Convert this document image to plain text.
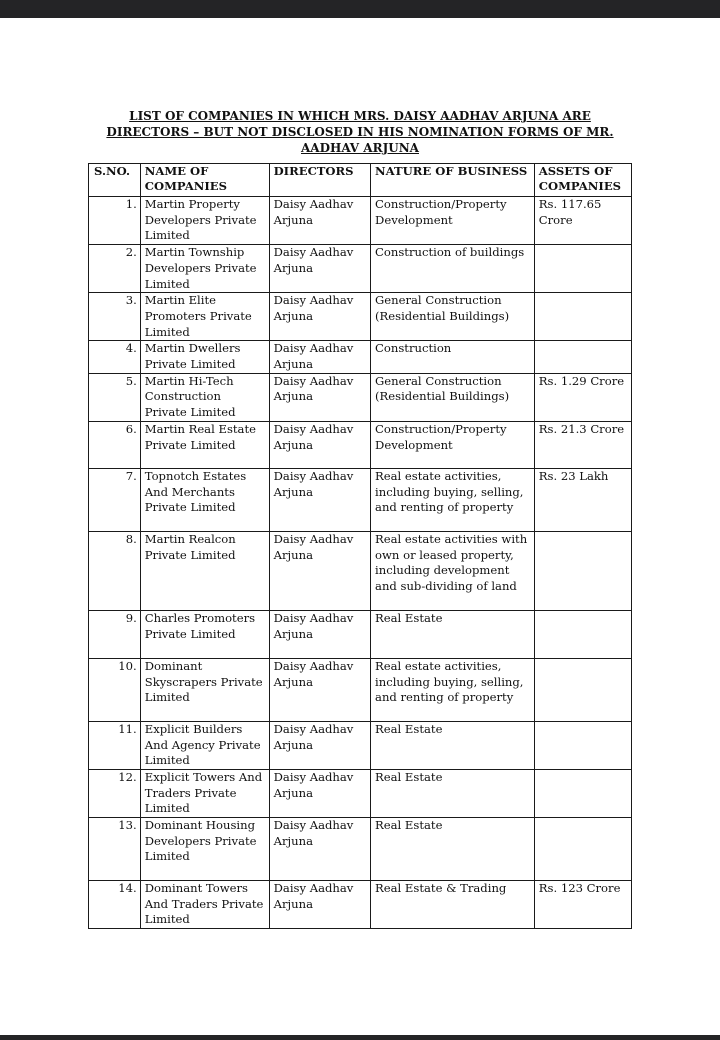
LIST OF COMPANIES IN WHICH MRS. DAISY AADHAV ARJUNA ARE
DIRECTORS – BUT NOT DISCLOSED IN HIS NOMINATION FORMS OF MR.
AADHAV ARJUNA
S.NO.	NAME OF COMPANIES	DIRECTORS	NATURE OF BUSINESS	ASSETS OF COMPANIES
1.	Martin Property Developers Private Limited	Daisy Aadhav Arjuna	Construction/Property Development	Rs. 117.65 Crore
2.	Martin Township Developers Private Limited	Daisy Aadhav Arjuna	Construction of buildings	
3.	Martin Elite Promoters Private Limited	Daisy Aadhav Arjuna	General Construction (Residential Buildings)	
4.	Martin Dwellers Private Limited	Daisy Aadhav Arjuna	Construction	
5.	Martin Hi-Tech Construction Private Limited	Daisy Aadhav Arjuna	General Construction (Residential Buildings)	Rs. 1.29 Crore
6.	Martin Real Estate Private Limited	Daisy Aadhav Arjuna	Construction/Property Development	Rs. 21.3 Crore
7.	Topnotch Estates And Merchants Private Limited	Daisy Aadhav Arjuna	Real estate activities, including buying, selling, and renting of property	Rs. 23 Lakh
8.	Martin Realcon Private Limited	Daisy Aadhav Arjuna	Real estate activities with own or leased property, including development and sub-dividing of land	
9.	Charles Promoters Private Limited	Daisy Aadhav Arjuna	Real Estate	
10.	Dominant Skyscrapers Private Limited	Daisy Aadhav Arjuna	Real estate activities, including buying, selling, and renting of property	
11.	Explicit Builders And Agency Private Limited	Daisy Aadhav Arjuna	Real Estate	
12.	Explicit Towers And Traders Private Limited	Daisy Aadhav Arjuna	Real Estate	
13.	Dominant Housing Developers Private Limited	Daisy Aadhav Arjuna	Real Estate	
14.	Dominant Towers And Traders Private Limited	Daisy Aadhav Arjuna	Real Estate & Trading	Rs. 123 Crore
